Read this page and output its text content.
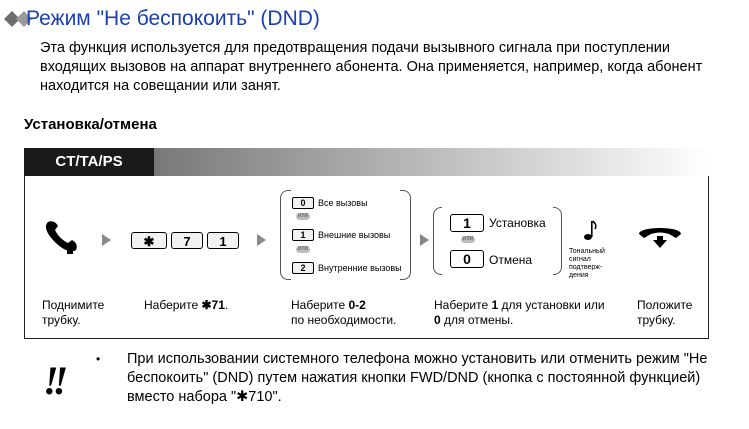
Режим "Не беспокоить" (DND)
Эта функция используется для предотвращения подачи вызывного сигнала при поступлении входящих вызовов на аппарат внутреннего абонента. Она применяется, например, когда абонент находится на совещании или занят.
Установка/отмена
CT/TA/PS
✱	7	1
0	Все вызовы
ИЛИ
1	Внешние вызовы
ИЛИ
2	Внутренние вызовы
1	Установка
ИЛИ
0	Отмена
Тональный сигнал подтверж- дения
Поднимите трубку.
Наберите ✱71.	Наберите 0-2
по необходимости.
Наберите 1 для установки или 0 для отмены.
Положите трубку.
!!	• При использовании системного телефона можно установить или отменить режим "Не беспокоить" (DND) путем нажатия кнопки FWD/DND (кнопка с постоянной функцией) вместо набора "✱710".
